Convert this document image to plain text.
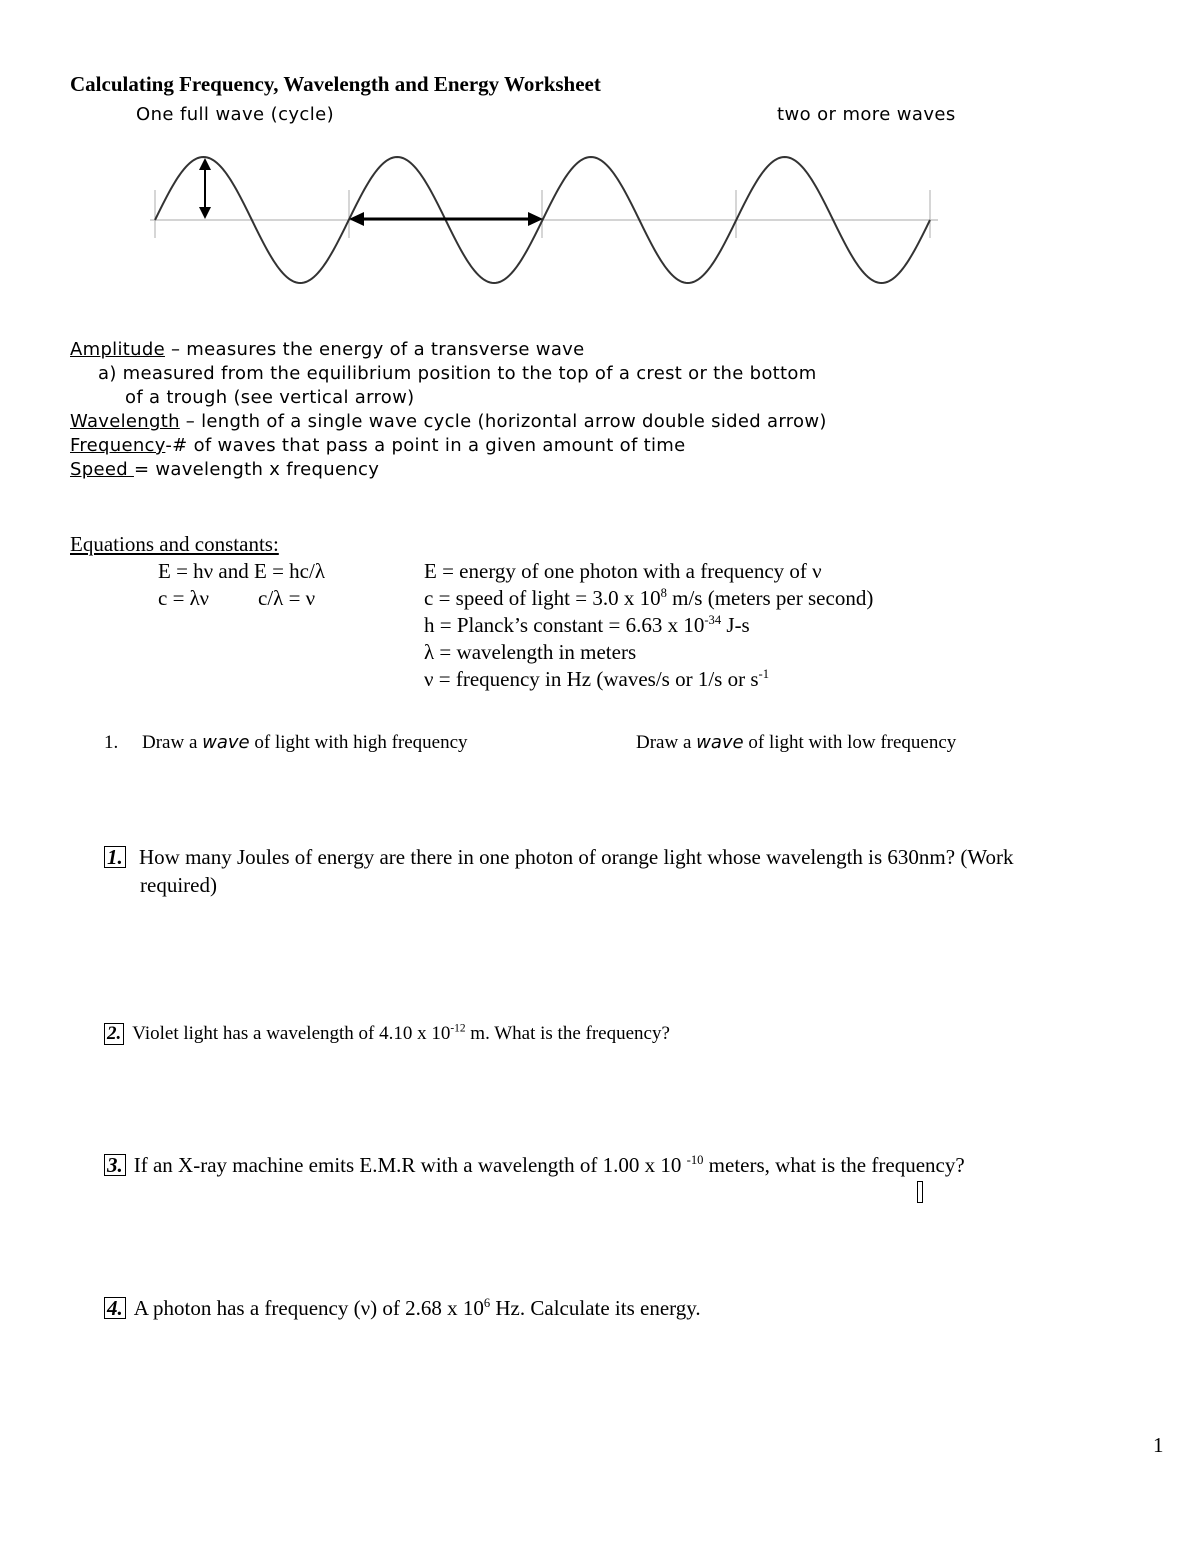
Calculating Frequency, Wavelength and Energy Worksheet
One full wave (cycle)	two or more waves
Amplitude – measures the energy of a transverse wave
a) measured from the equilibrium position to the top of a crest or the bottom
of a trough (see vertical arrow)
Wavelength – length of a single wave cycle (horizontal arrow double sided arrow)
Frequency-# of waves that pass a point in a given amount of time
Speed = wavelength x frequency
Equations and constants:
E = hν and E = hc/λ
c = λν c/λ = ν
E = energy of one photon with a frequency of ν
c = speed of light = 3.0 x $10^8$ m/s (meters per second)
h = Planck’s constant = 6.63 x $10^{-34}$ J-s
λ = wavelength in meters
ν = frequency in Hz (waves/s or 1/s or $s^{-1}$
1. Draw a wave of light with high frequency	Draw a wave of light with low frequency
1. How many Joules of energy are there in one photon of orange light whose wavelength is 630nm? (Work
required)
2. Violet light has a wavelength of 4.10 x $10^{-12}$ m. What is the frequency?
3. If an X-ray machine emits E.M.R with a wavelength of 1.00 x 10 $^{-10}$ meters, what is the frequency?
4. A photon has a frequency (ν) of 2.68 x $10^6$ Hz. Calculate its energy.
1
